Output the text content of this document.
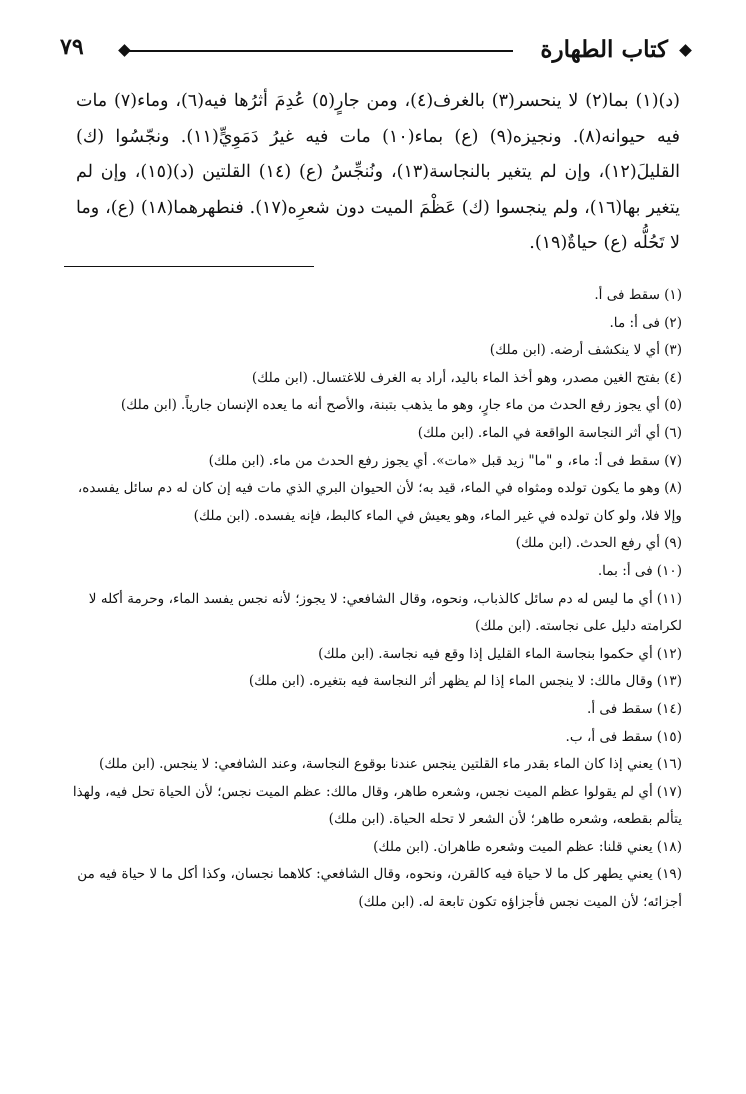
كتاب الطهارة
٧٩
(د)(١) بما(٢) لا ينحسر(٣) بالغرف(٤)، ومن جارٍ(٥) عُدِمَ أثرُها فيه(٦)، وماء(٧) مات فيه حيوانه(٨). ونجيزه(٩) (ع) بماء(١٠) مات فيه غيرُ دَمَوِيٍّ(١١). ونجّسُوا (ك) القليلَ(١٢)، وإن لم يتغير بالنجاسة(١٣)، ونُنجِّسُ (ع) (١٤) القلتين (د)(١٥)، وإن لم يتغير بها(١٦)، ولم ينجسوا (ك) عَظْمَ الميت دون شعرِه(١٧). فنطهرهما(١٨) (ع)، وما لا تَحُلُّه (ع) حياةٌ(١٩).
(١)سقط فى أ.
(٢)فى أ: ما.
(٣)أي لا ينكشف أرضه.(ابن ملك)
(٤)بفتح الغين مصدر، وهو أخذ الماء باليد، أراد به الغرف للاغتسال.(ابن ملك)
(٥)أي يجوز رفع الحدث من ماء جارٍ، وهو ما يذهب بتبنة، والأصح أنه ما يعده الإنسان جارياً.(ابن ملك)
(٦)أي أثر النجاسة الواقعة في الماء.(ابن ملك)
(٧)سقط فى أ: ماء، و "ما" زيد قبل «مات». أي يجوز رفع الحدث من ماء.(ابن ملك)
(٨)وهو ما يكون تولده ومثواه في الماء، قيد به؛ لأن الحيوان البري الذي مات فيه إن كان له دم سائل يفسده، وإلا فلا، ولو كان تولده في غير الماء، وهو يعيش في الماء كالبط، فإنه يفسده.(ابن ملك)
(٩)أي رفع الحدث.(ابن ملك)
(١٠)فى أ: بما.
(١١)أي ما ليس له دم سائل كالذباب، ونحوه، وقال الشافعي: لا يجوز؛ لأنه نجس يفسد الماء، وحرمة أكله لا لكرامته دليل على نجاسته.(ابن ملك)
(١٢)أي حكموا بنجاسة الماء القليل إذا وقع فيه نجاسة.(ابن ملك)
(١٣)وقال مالك: لا ينجس الماء إذا لم يظهر أثر النجاسة فيه بتغيره.(ابن ملك)
(١٤)سقط فى أ.
(١٥)سقط فى أ، ب.
(١٦)يعني إذا كان الماء بقدر ماء القلتين ينجس عندنا بوقوع النجاسة، وعند الشافعي: لا ينجس.(ابن ملك)
(١٧)أي لم يقولوا عظم الميت نجس، وشعره طاهر، وقال مالك: عظم الميت نجس؛ لأن الحياة تحل فيه، ولهذا يتألم بقطعه، وشعره طاهر؛ لأن الشعر لا تحله الحياة.(ابن ملك)
(١٨)يعني قلنا: عظم الميت وشعره طاهران.(ابن ملك)
(١٩)يعني يطهر كل ما لا حياة فيه كالقرن، ونحوه، وقال الشافعي: كلاهما نجسان، وكذا أكل ما لا حياة فيه من أجزائه؛ لأن الميت نجس فأجزاؤه تكون تابعة له.(ابن ملك)
